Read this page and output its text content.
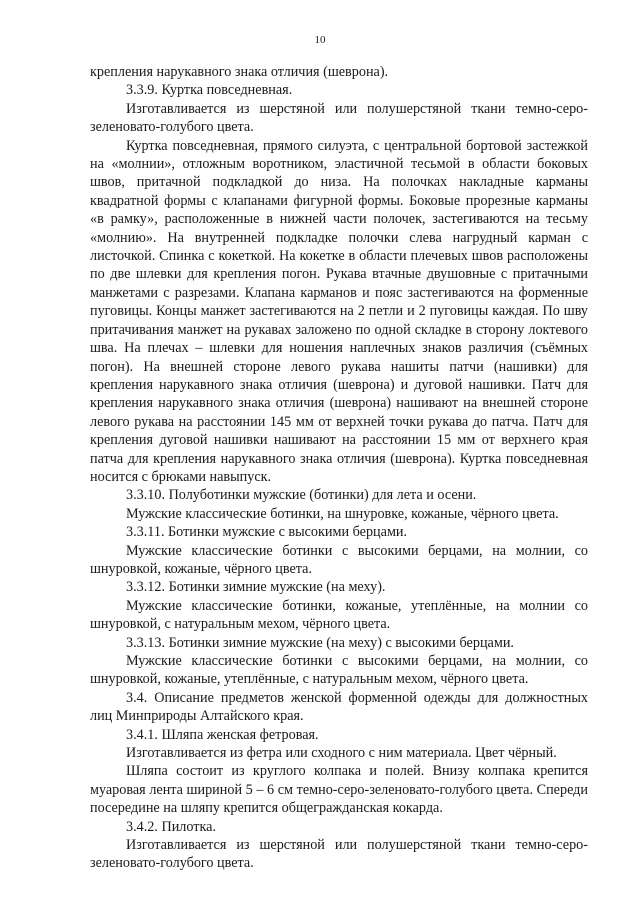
10

крепления нарукавного знака отличия (шеврона).

3.3.9. Куртка повседневная.

Изготавливается из шерстяной или полушерстяной ткани темно-серо-зеленовато-голубого цвета.

Куртка повседневная, прямого силуэта, с центральной бортовой застежкой на «молнии», отложным воротником, эластичной тесьмой в области боковых швов, притачной подкладкой до низа. На полочках накладные карманы квадратной формы с клапанами фигурной формы. Боковые прорезные карманы «в рамку», расположенные в нижней части полочек, застегиваются на тесьму «молнию». На внутренней подкладке полочки слева нагрудный карман с листочкой. Спинка с кокеткой. На кокетке в области плечевых швов расположены по две шлевки для крепления погон. Рукава втачные двушовные с притачными манжетами с разрезами. Клапана карманов и пояс застегиваются на форменные пуговицы. Концы манжет застегиваются на 2 петли и 2 пуговицы каждая. По шву притачивания манжет на рукавах заложено по одной складке в сторону локтевого шва. На плечах – шлевки для ношения наплечных знаков различия (съёмных погон). На внешней стороне левого рукава нашиты патчи (нашивки) для крепления нарукавного знака отличия (шеврона) и дуговой нашивки. Патч для крепления нарукавного знака отличия (шеврона) нашивают на внешней стороне левого рукава на расстоянии 145 мм от верхней точки рукава до патча. Патч для крепления дуговой нашивки нашивают на расстоянии 15 мм от верхнего края патча для крепления нарукавного знака отличия (шеврона). Куртка повседневная носится с брюками навыпуск.

3.3.10. Полуботинки мужские (ботинки) для лета и осени.

Мужские классические ботинки, на шнуровке, кожаные, чёрного цвета.

3.3.11. Ботинки мужские с высокими берцами.

Мужские классические ботинки с высокими берцами, на молнии, со шнуровкой, кожаные, чёрного цвета.

3.3.12. Ботинки зимние мужские (на меху).

Мужские классические ботинки, кожаные, утеплённые, на молнии со шнуровкой, с натуральным мехом, чёрного цвета.

3.3.13. Ботинки зимние мужские (на меху) с высокими берцами.

Мужские классические ботинки с высокими берцами, на молнии, со шнуровкой, кожаные, утеплённые, с натуральным мехом, чёрного цвета.

3.4. Описание предметов женской форменной одежды для должностных лиц Минприроды Алтайского края.

3.4.1. Шляпа женская фетровая.

Изготавливается из фетра или сходного с ним материала. Цвет чёрный.

Шляпа состоит из круглого колпака и полей. Внизу колпака крепится муаровая лента шириной 5 – 6 см темно-серо-зеленовато-голубого цвета. Спереди посередине на шляпу крепится общегражданская кокарда.

3.4.2. Пилотка.

Изготавливается из шерстяной или полушерстяной ткани темно-серо-зеленовато-голубого цвета.
